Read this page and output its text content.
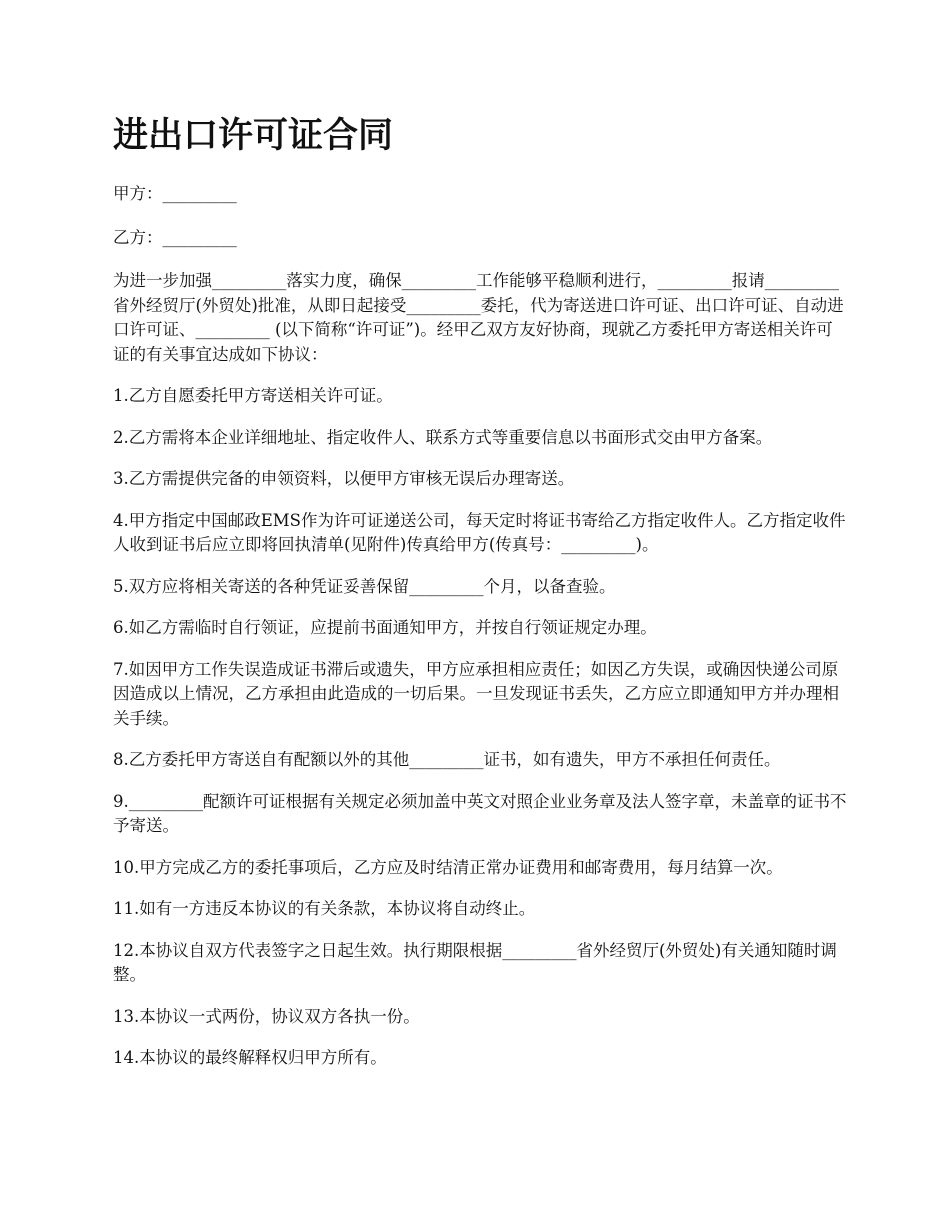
进出口许可证合同

甲方：_________

乙方：_________

为进一步加强_________落实力度，确保_________工作能够平稳顺利进行，_________报请_________省外经贸厅(外贸处)批准，从即日起接受_________委托，代为寄送进口许可证、出口许可证、自动进口许可证、_________ (以下简称“许可证”)。经甲乙双方友好协商，现就乙方委托甲方寄送相关许可证的有关事宜达成如下协议：

1.乙方自愿委托甲方寄送相关许可证。

2.乙方需将本企业详细地址、指定收件人、联系方式等重要信息以书面形式交由甲方备案。

3.乙方需提供完备的申领资料，以便甲方审核无误后办理寄送。

4.甲方指定中国邮政EMS作为许可证递送公司，每天定时将证书寄给乙方指定收件人。乙方指定收件人收到证书后应立即将回执清单(见附件)传真给甲方(传真号：_________)。

5.双方应将相关寄送的各种凭证妥善保留_________个月，以备查验。

6.如乙方需临时自行领证，应提前书面通知甲方，并按自行领证规定办理。

7.如因甲方工作失误造成证书滞后或遗失，甲方应承担相应责任；如因乙方失误，或确因快递公司原因造成以上情况，乙方承担由此造成的一切后果。一旦发现证书丢失，乙方应立即通知甲方并办理相关手续。

8.乙方委托甲方寄送自有配额以外的其他_________证书，如有遗失，甲方不承担任何责任。

9._________配额许可证根据有关规定必须加盖中英文对照企业业务章及法人签字章，未盖章的证书不予寄送。

10.甲方完成乙方的委托事项后，乙方应及时结清正常办证费用和邮寄费用，每月结算一次。

11.如有一方违反本协议的有关条款，本协议将自动终止。

12.本协议自双方代表签字之日起生效。执行期限根据_________省外经贸厅(外贸处)有关通知随时调整。

13.本协议一式两份，协议双方各执一份。

14.本协议的最终解释权归甲方所有。
